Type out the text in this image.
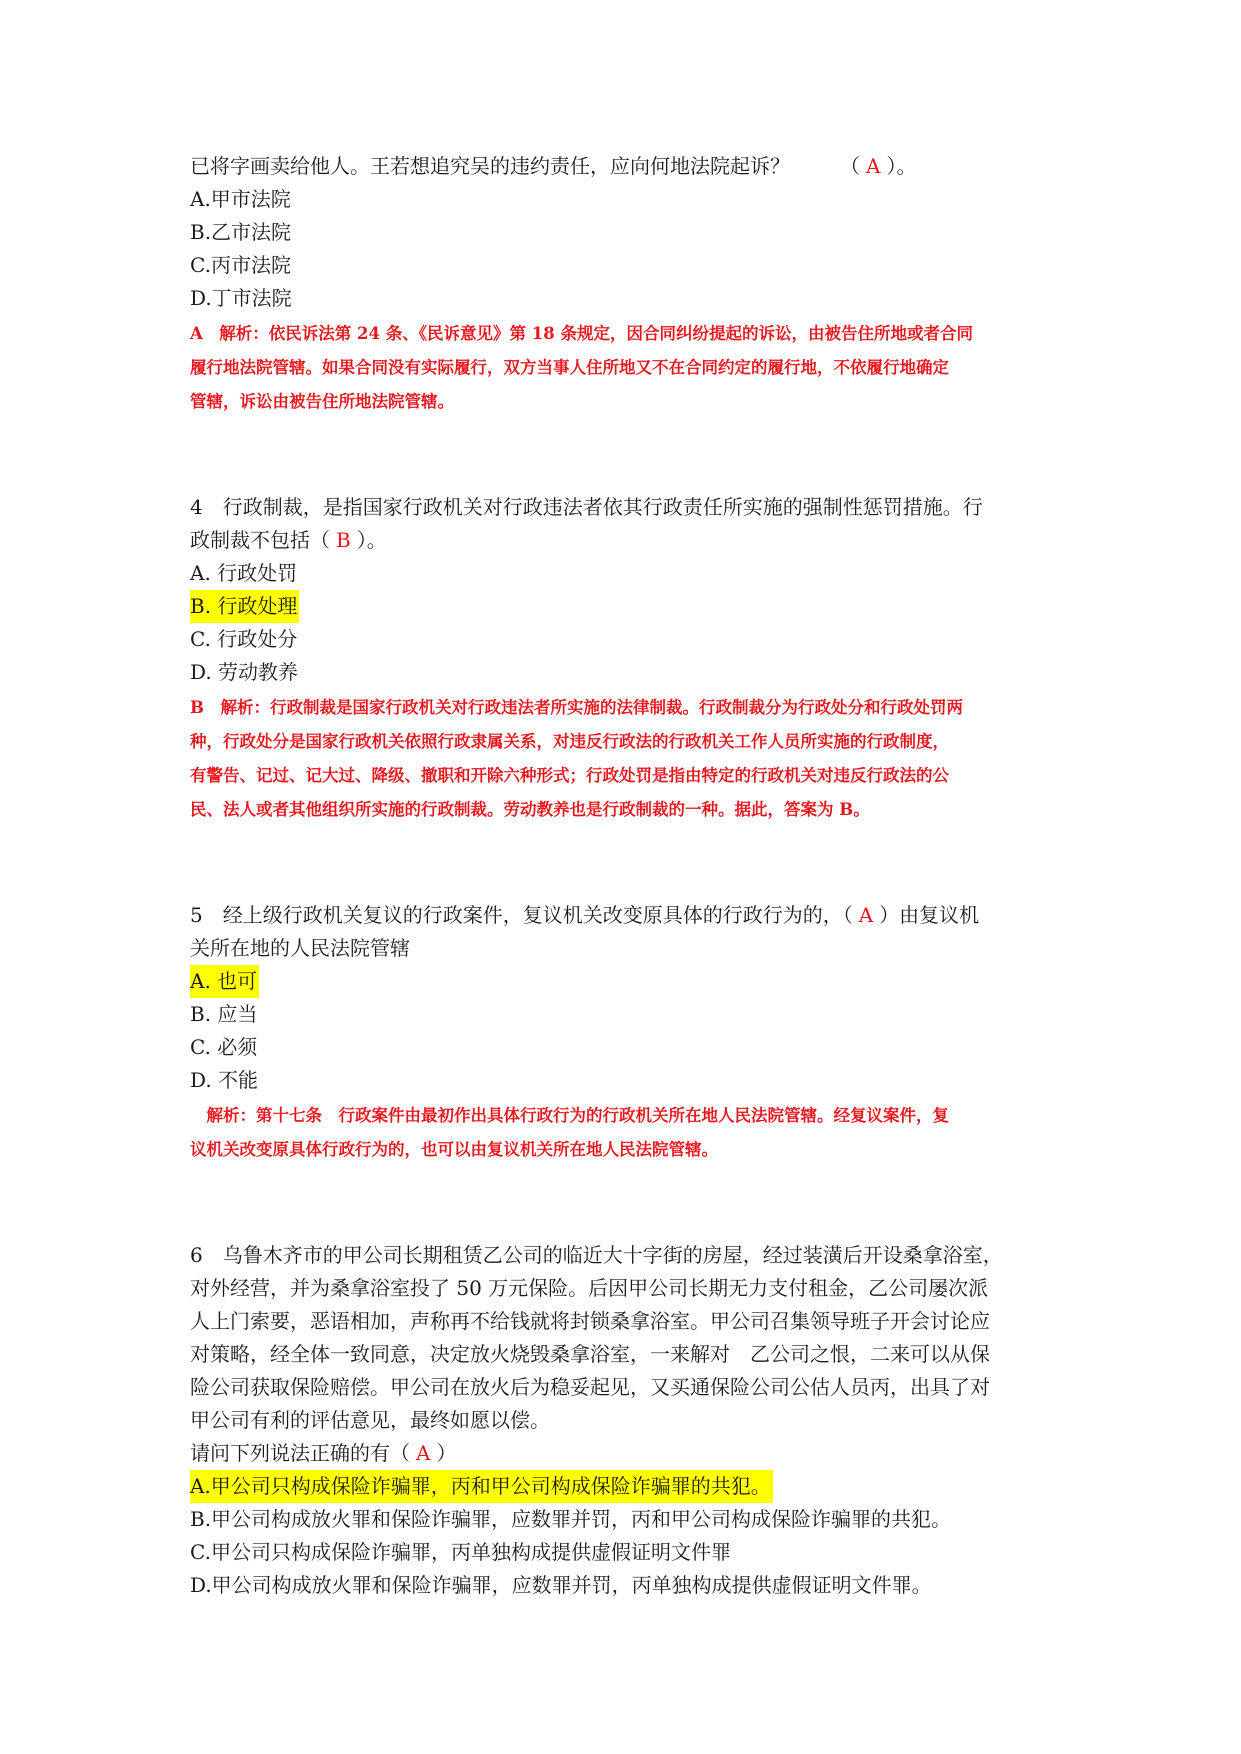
已将字画卖给他人。王若想追究吴的违约责任，应向何地法院起诉？　　　（ A ）。
A.甲市法院
B.乙市法院
C.丙市法院
D.丁市法院
A　解析：依民诉法第 24 条、《民诉意见》第 18 条规定，因合同纠纷提起的诉讼，由被告住所地或者合同
履行地法院管辖。如果合同没有实际履行，双方当事人住所地又不在合同约定的履行地，不依履行地确定
管辖，诉讼由被告住所地法院管辖。
4　行政制裁，是指国家行政机关对行政违法者依其行政责任所实施的强制性惩罚措施。行
政制裁不包括（ B ）。
A. 行政处罚
B. 行政处理
C. 行政处分
D. 劳动教养
B　解析：行政制裁是国家行政机关对行政违法者所实施的法律制裁。行政制裁分为行政处分和行政处罚两
种，行政处分是国家行政机关依照行政隶属关系，对违反行政法的行政机关工作人员所实施的行政制度，
有警告、记过、记大过、降级、撤职和开除六种形式；行政处罚是指由特定的行政机关对违反行政法的公
民、法人或者其他组织所实施的行政制裁。劳动教养也是行政制裁的一种。据此，答案为 B。
5　经上级行政机关复议的行政案件，复议机关改变原具体的行政行为的，（ A ）由复议机
关所在地的人民法院管辖
A. 也可
B. 应当
C. 必须
D. 不能
　解析：第十七条　行政案件由最初作出具体行政行为的行政机关所在地人民法院管辖。经复议案件，复
议机关改变原具体行政行为的，也可以由复议机关所在地人民法院管辖。
6　乌鲁木齐市的甲公司长期租赁乙公司的临近大十字街的房屋，经过装潢后开设桑拿浴室，
对外经营，并为桑拿浴室投了 50 万元保险。后因甲公司长期无力支付租金，乙公司屡次派
人上门索要，恶语相加，声称再不给钱就将封锁桑拿浴室。甲公司召集领导班子开会讨论应
对策略，经全体一致同意，决定放火烧毁桑拿浴室，一来解对　乙公司之恨，二来可以从保
险公司获取保险赔偿。甲公司在放火后为稳妥起见，又买通保险公司公估人员丙，出具了对
甲公司有利的评估意见，最终如愿以偿。
请问下列说法正确的有（ A ）
A.甲公司只构成保险诈骗罪，丙和甲公司构成保险诈骗罪的共犯。
B.甲公司构成放火罪和保险诈骗罪，应数罪并罚，丙和甲公司构成保险诈骗罪的共犯。
C.甲公司只构成保险诈骗罪，丙单独构成提供虚假证明文件罪
D.甲公司构成放火罪和保险诈骗罪，应数罪并罚，丙单独构成提供虚假证明文件罪。
